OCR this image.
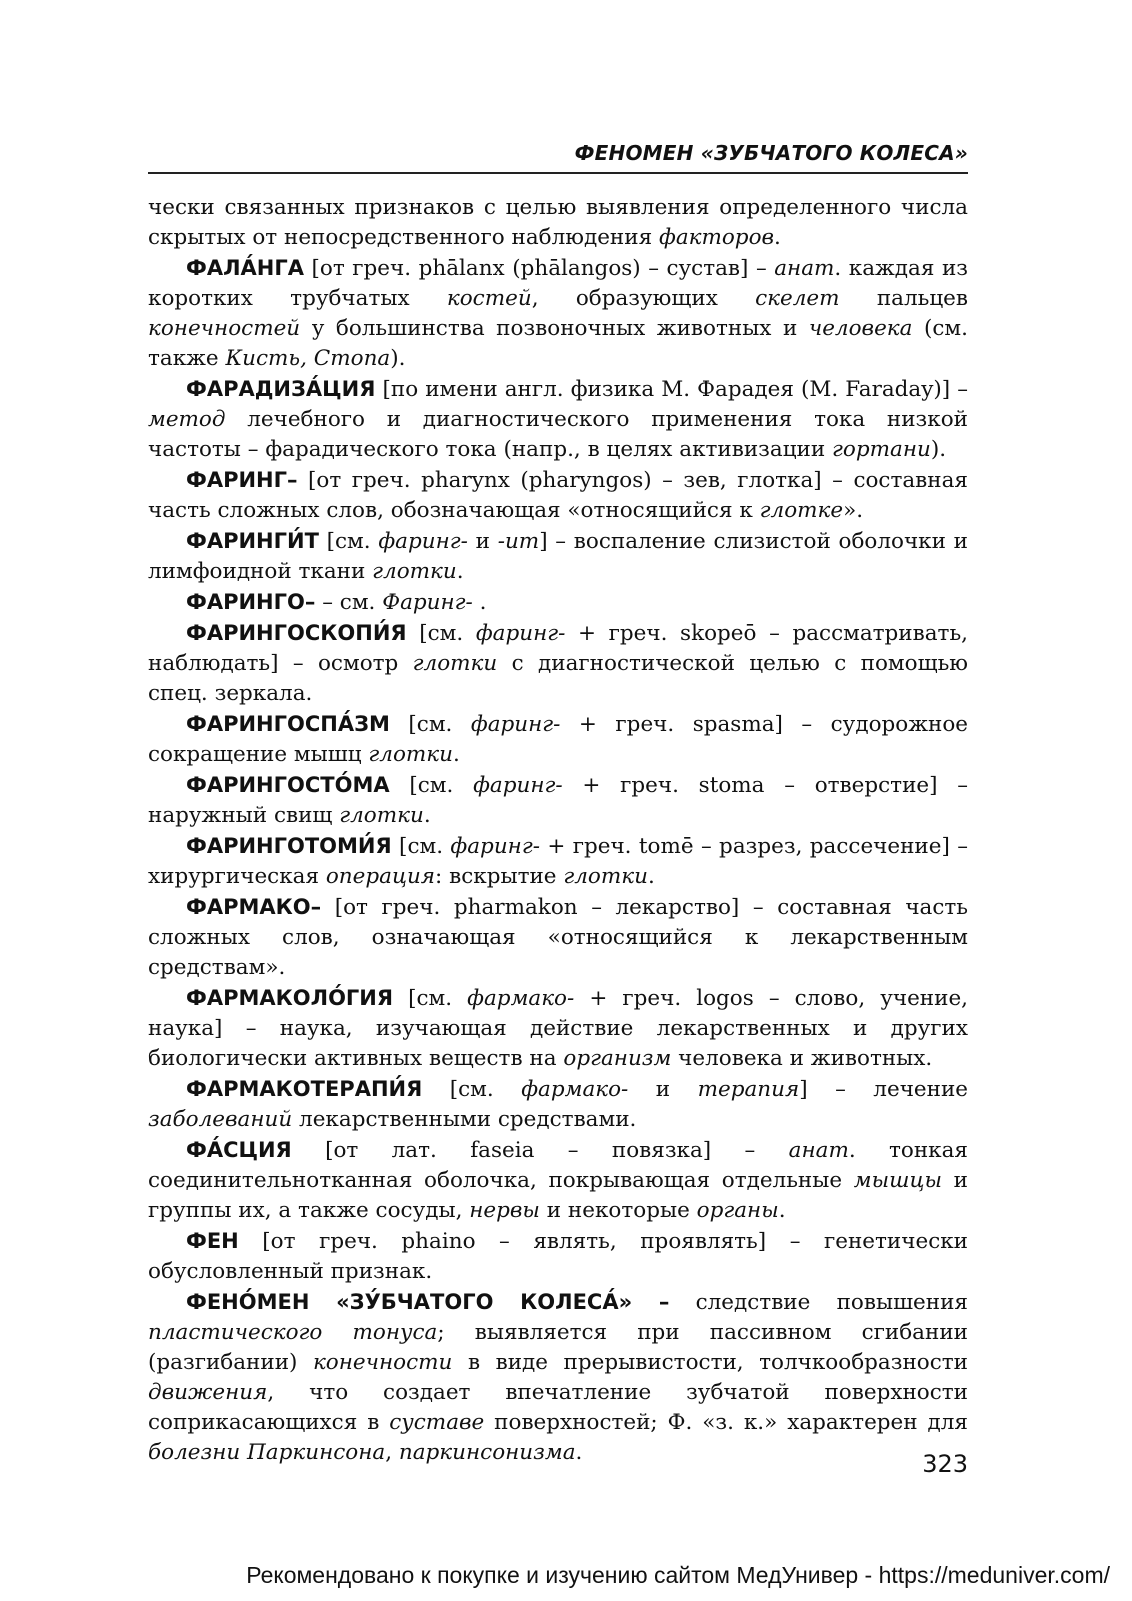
ФЕНОМЕН «ЗУБЧАТОГО КОЛЕСА»

чески связанных признаков с целью выявления определенного числа скрытых от непосредственного наблюдения факторов.

ФАЛА́НГА [от греч. phālanx (phālangos) – сустав] – анат. каждая из коротких трубчатых костей, образующих скелет пальцев конечностей у большинства позвоночных животных и человека (см. также Кисть, Стопа).

ФАРАДИЗА́ЦИЯ [по имени англ. физика М. Фарадея (M. Faraday)] – метод лечебного и диагностического применения тока низкой частоты – фарадического тока (напр., в целях активизации гортани).

ФАРИНГ– [от греч. pharynx (pharyngos) – зев, глотка] – составная часть сложных слов, обозначающая «относящийся к глотке».

ФАРИНГИ́Т [см. фаринг- и -ит] – воспаление слизистой оболочки и лимфоидной ткани глотки.

ФАРИНГО– – см. Фаринг- .

ФАРИНГОСКОПИ́Я [см. фаринг- + греч. skopeō – рассматривать, наблюдать] – осмотр глотки с диагностической целью с помощью спец. зеркала.

ФАРИНГОСПА́ЗМ [см. фаринг- + греч. spasma] – судорожное сокращение мышц глотки.

ФАРИНГОСТО́МА [см. фаринг- + греч. stoma – отверстие] – наружный свищ глотки.

ФАРИНГОТОМИ́Я [см. фаринг- + греч. tomē – разрез, рассечение] – хирургическая операция: вскрытие глотки.

ФАРМАКО– [от греч. pharmakon – лекарство] – составная часть сложных слов, означающая «относящийся к лекарственным средствам».

ФАРМАКОЛО́ГИЯ [см. фармако- + греч. logos – слово, учение, наука] – наука, изучающая действие лекарственных и других биологически активных веществ на организм человека и животных.

ФАРМАКОТЕРАПИ́Я [см. фармако- и терапия] – лечение заболеваний лекарственными средствами.

ФА́СЦИЯ [от лат. faseia – повязка] – анат. тонкая соединительнотканная оболочка, покрывающая отдельные мышцы и группы их, а также сосуды, нервы и некоторые органы.

ФЕН [от греч. phaino – являть, проявлять] – генетически обусловленный признак.

ФЕНО́МЕН «ЗУ́БЧАТОГО КОЛЕСА́» – следствие повышения пластического тонуса; выявляется при пассивном сгибании (разгибании) конечности в виде прерывистости, толчкообразности движения, что создает впечатление зубчатой поверхности соприкасающихся в суставе поверхностей; Ф. «з. к.» характерен для болезни Паркинсона, паркинсонизма.	323
Рекомендовано к покупке и изучению сайтом МедУнивер - https://meduniver.com/
